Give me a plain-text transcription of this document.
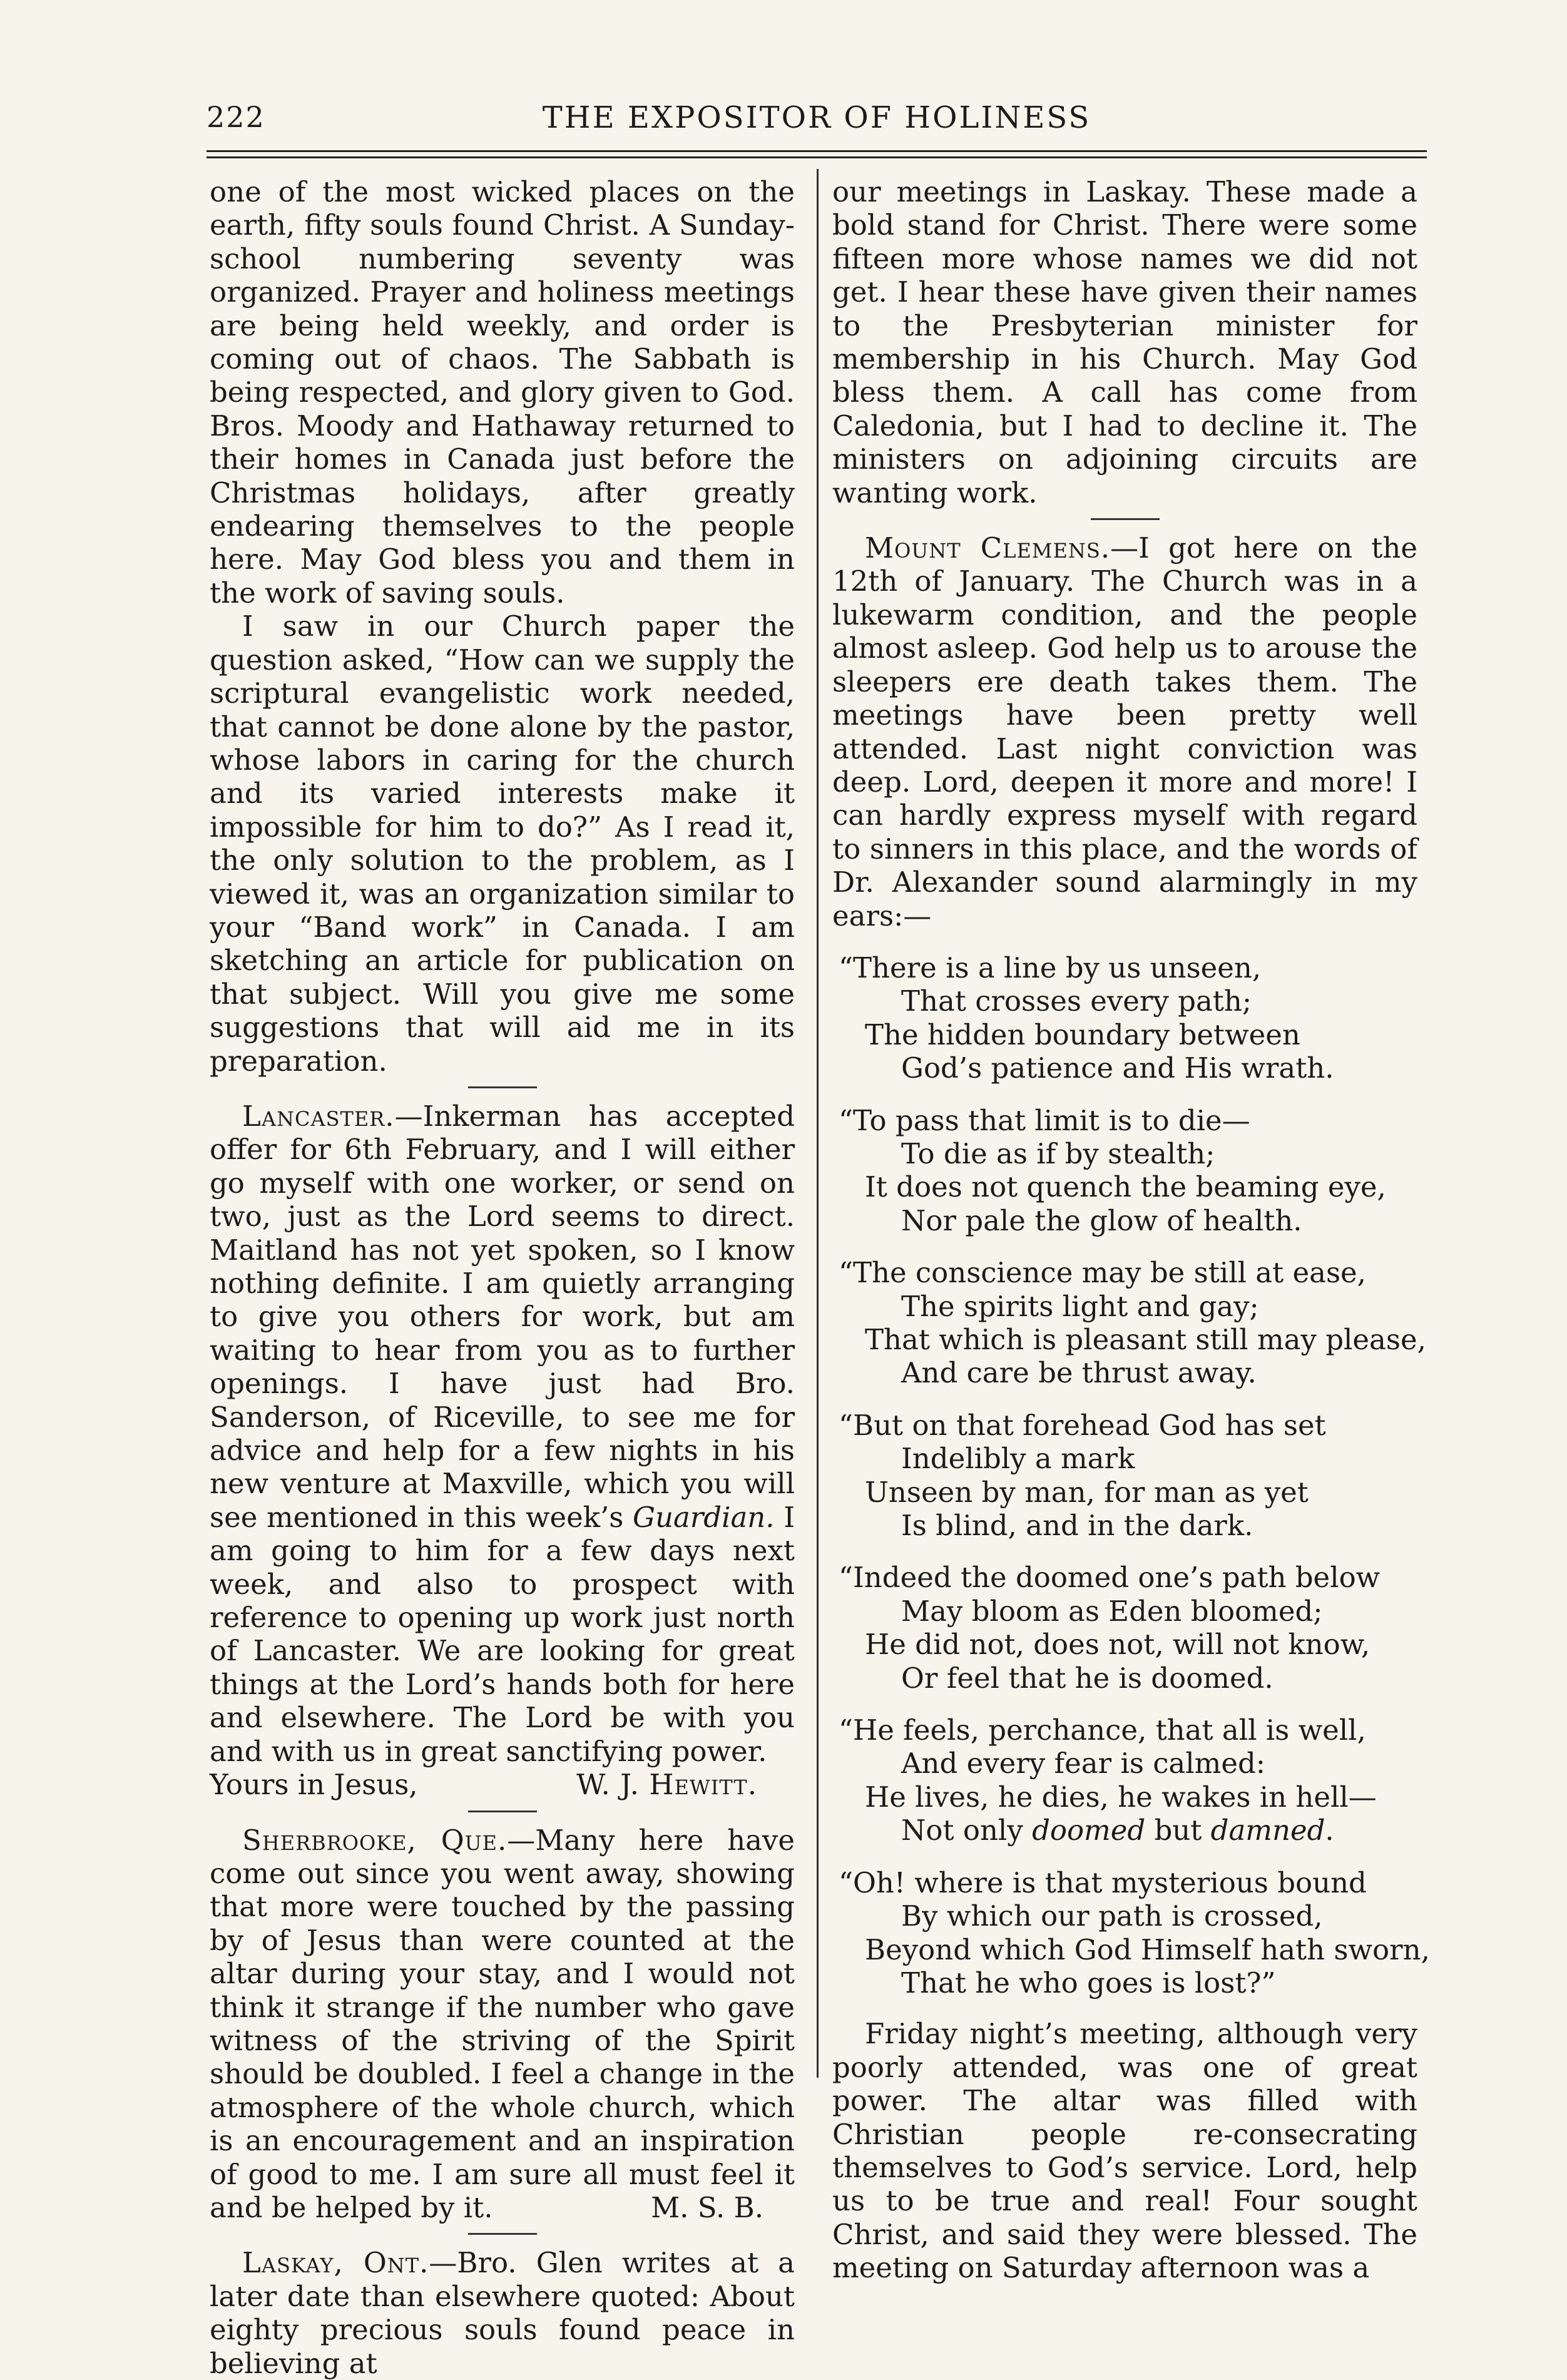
222	THE EXPOSITOR OF HOLINESS

one of the most wicked places on the earth, fifty souls found Christ. A Sunday-school numbering seventy was organized. Prayer and holiness meetings are being held weekly, and order is coming out of chaos. The Sabbath is being respected, and glory given to God. Bros. Moody and Hathaway returned to their homes in Canada just before the Christmas holidays, after greatly endearing themselves to the people here. May God bless you and them in the work of saving souls.

I saw in our Church paper the question asked, “How can we supply the scriptural evangelistic work needed, that cannot be done alone by the pastor, whose labors in caring for the church and its varied interests make it impossible for him to do?” As I read it, the only solution to the problem, as I viewed it, was an organization similar to your “Band work” in Canada. I am sketching an article for publication on that subject. Will you give me some suggestions that will aid me in its preparation.

Lancaster.—Inkerman has accepted offer for 6th February, and I will either go myself with one worker, or send on two, just as the Lord seems to direct. Maitland has not yet spoken, so I know nothing definite. I am quietly arranging to give you others for work, but am waiting to hear from you as to further openings. I have just had Bro. Sanderson, of Riceville, to see me for advice and help for a few nights in his new venture at Maxville, which you will see mentioned in this week’s Guardian. I am going to him for a few days next week, and also to prospect with reference to opening up work just north of Lancaster. We are looking for great things at the Lord’s hands both for here and elsewhere. The Lord be with you and with us in great sanctifying power.

Yours in Jesus,	W. J. Hewitt.

Sherbrooke, Que.—Many here have come out since you went away, showing that more were touched by the passing by of Jesus than were counted at the altar during your stay, and I would not think it strange if the number who gave witness of the striving of the Spirit should be doubled. I feel a change in the atmosphere of the whole church, which is an encouragement and an inspiration of good to me. I am sure all must feel it and be helped by it.	M. S. B.

Laskay, Ont.—Bro. Glen writes at a later date than elsewhere quoted: About eighty precious souls found peace in believing at

our meetings in Laskay. These made a bold stand for Christ. There were some fifteen more whose names we did not get. I hear these have given their names to the Presbyterian minister for membership in his Church. May God bless them. A call has come from Caledonia, but I had to decline it. The ministers on adjoining circuits are wanting work.

Mount Clemens.—I got here on the 12th of January. The Church was in a lukewarm condition, and the people almost asleep. God help us to arouse the sleepers ere death takes them. The meetings have been pretty well attended. Last night conviction was deep. Lord, deepen it more and more! I can hardly express myself with regard to sinners in this place, and the words of Dr. Alexander sound alarmingly in my ears:—

“There is a line by us unseen,
That crosses every path;
The hidden boundary between
God’s patience and His wrath.
“To pass that limit is to die—
To die as if by stealth;
It does not quench the beaming eye,
Nor pale the glow of health.
“The conscience may be still at ease,
The spirits light and gay;
That which is pleasant still may please,
And care be thrust away.
“But on that forehead God has set
Indelibly a mark
Unseen by man, for man as yet
Is blind, and in the dark.
“Indeed the doomed one’s path below
May bloom as Eden bloomed;
He did not, does not, will not know,
Or feel that he is doomed.
“He feels, perchance, that all is well,
And every fear is calmed:
He lives, he dies, he wakes in hell—
Not only doomed but damned.
“Oh! where is that mysterious bound
By which our path is crossed,
Beyond which God Himself hath sworn,
That he who goes is lost?”

Friday night’s meeting, although very poorly attended, was one of great power. The altar was filled with Christian people re-consecrating themselves to God’s service. Lord, help us to be true and real! Four sought Christ, and said they were blessed. The meeting on Saturday afternoon was a
